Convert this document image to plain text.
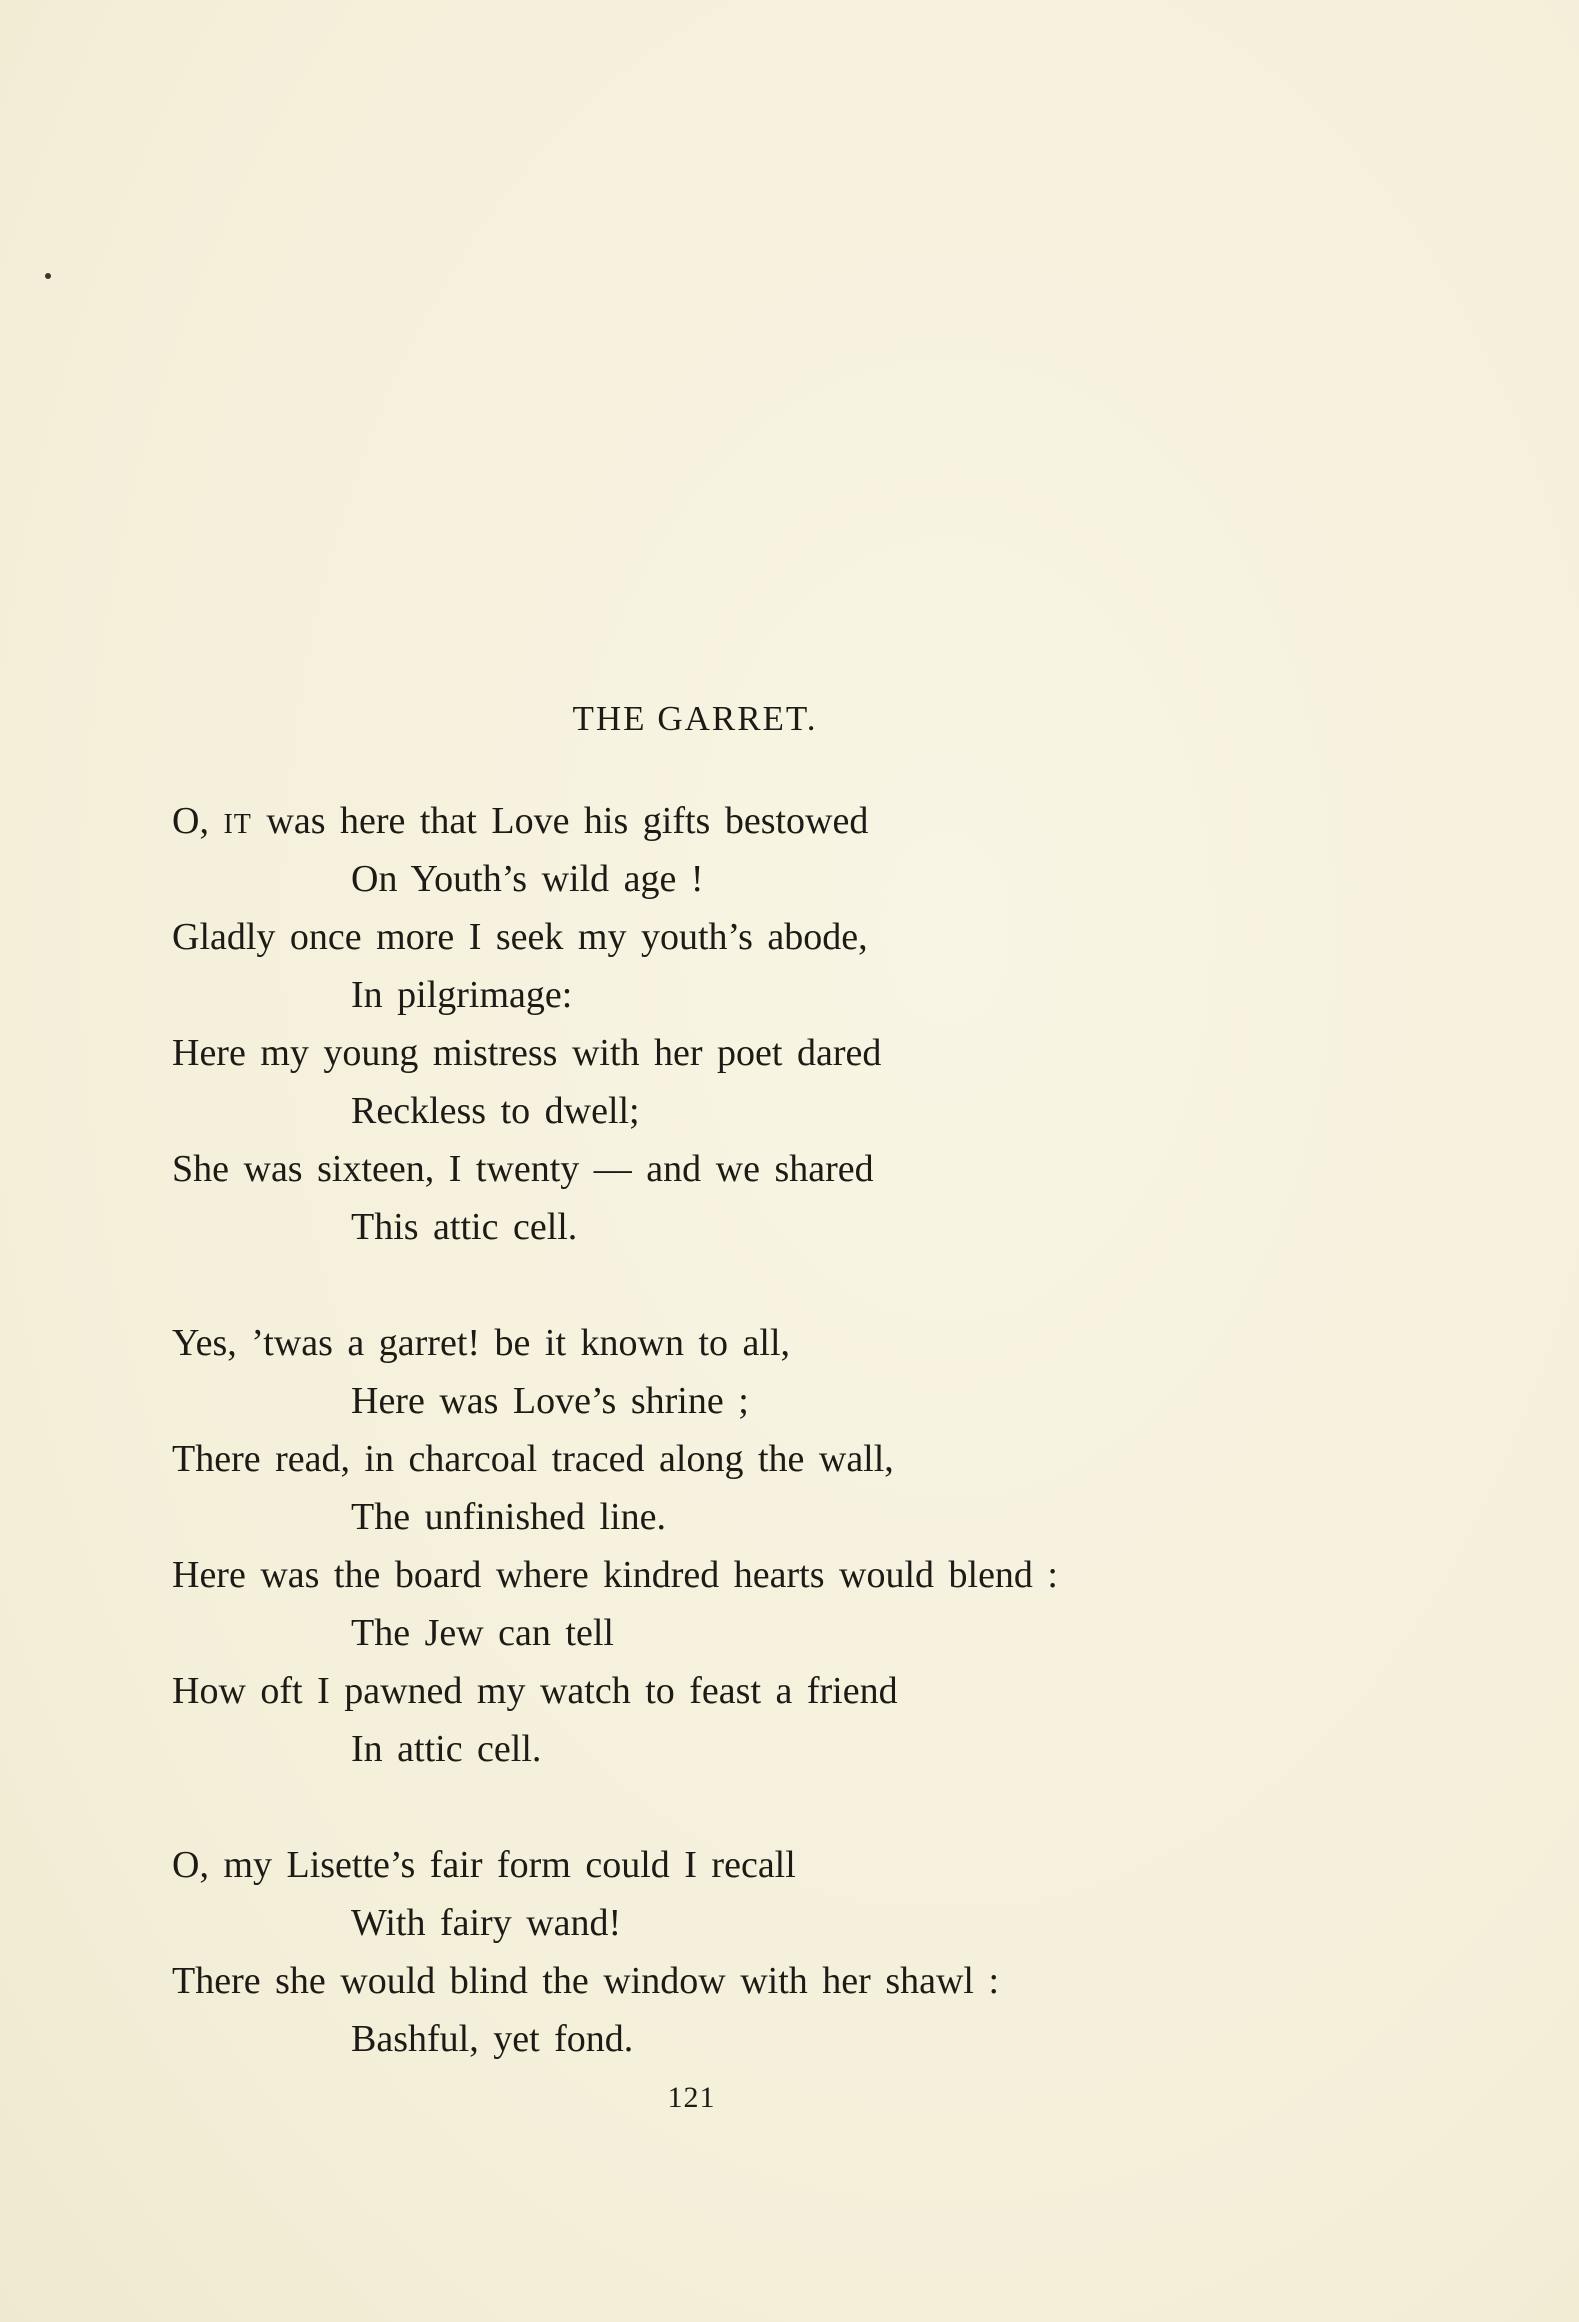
THE GARRET.
O, IT was here that Love his gifts bestowed
On Youth’s wild age !
Gladly once more I seek my youth’s abode,
In pilgrimage:
Here my young mistress with her poet dared
Reckless to dwell;
She was sixteen, I twenty — and we shared
This attic cell.
Yes, ’twas a garret! be it known to all,
Here was Love’s shrine ;
There read, in charcoal traced along the wall,
The unfinished line.
Here was the board where kindred hearts would blend :
The Jew can tell
How oft I pawned my watch to feast a friend
In attic cell.
O, my Lisette’s fair form could I recall
With fairy wand!
There she would blind the window with her shawl :
Bashful, yet fond.
121
